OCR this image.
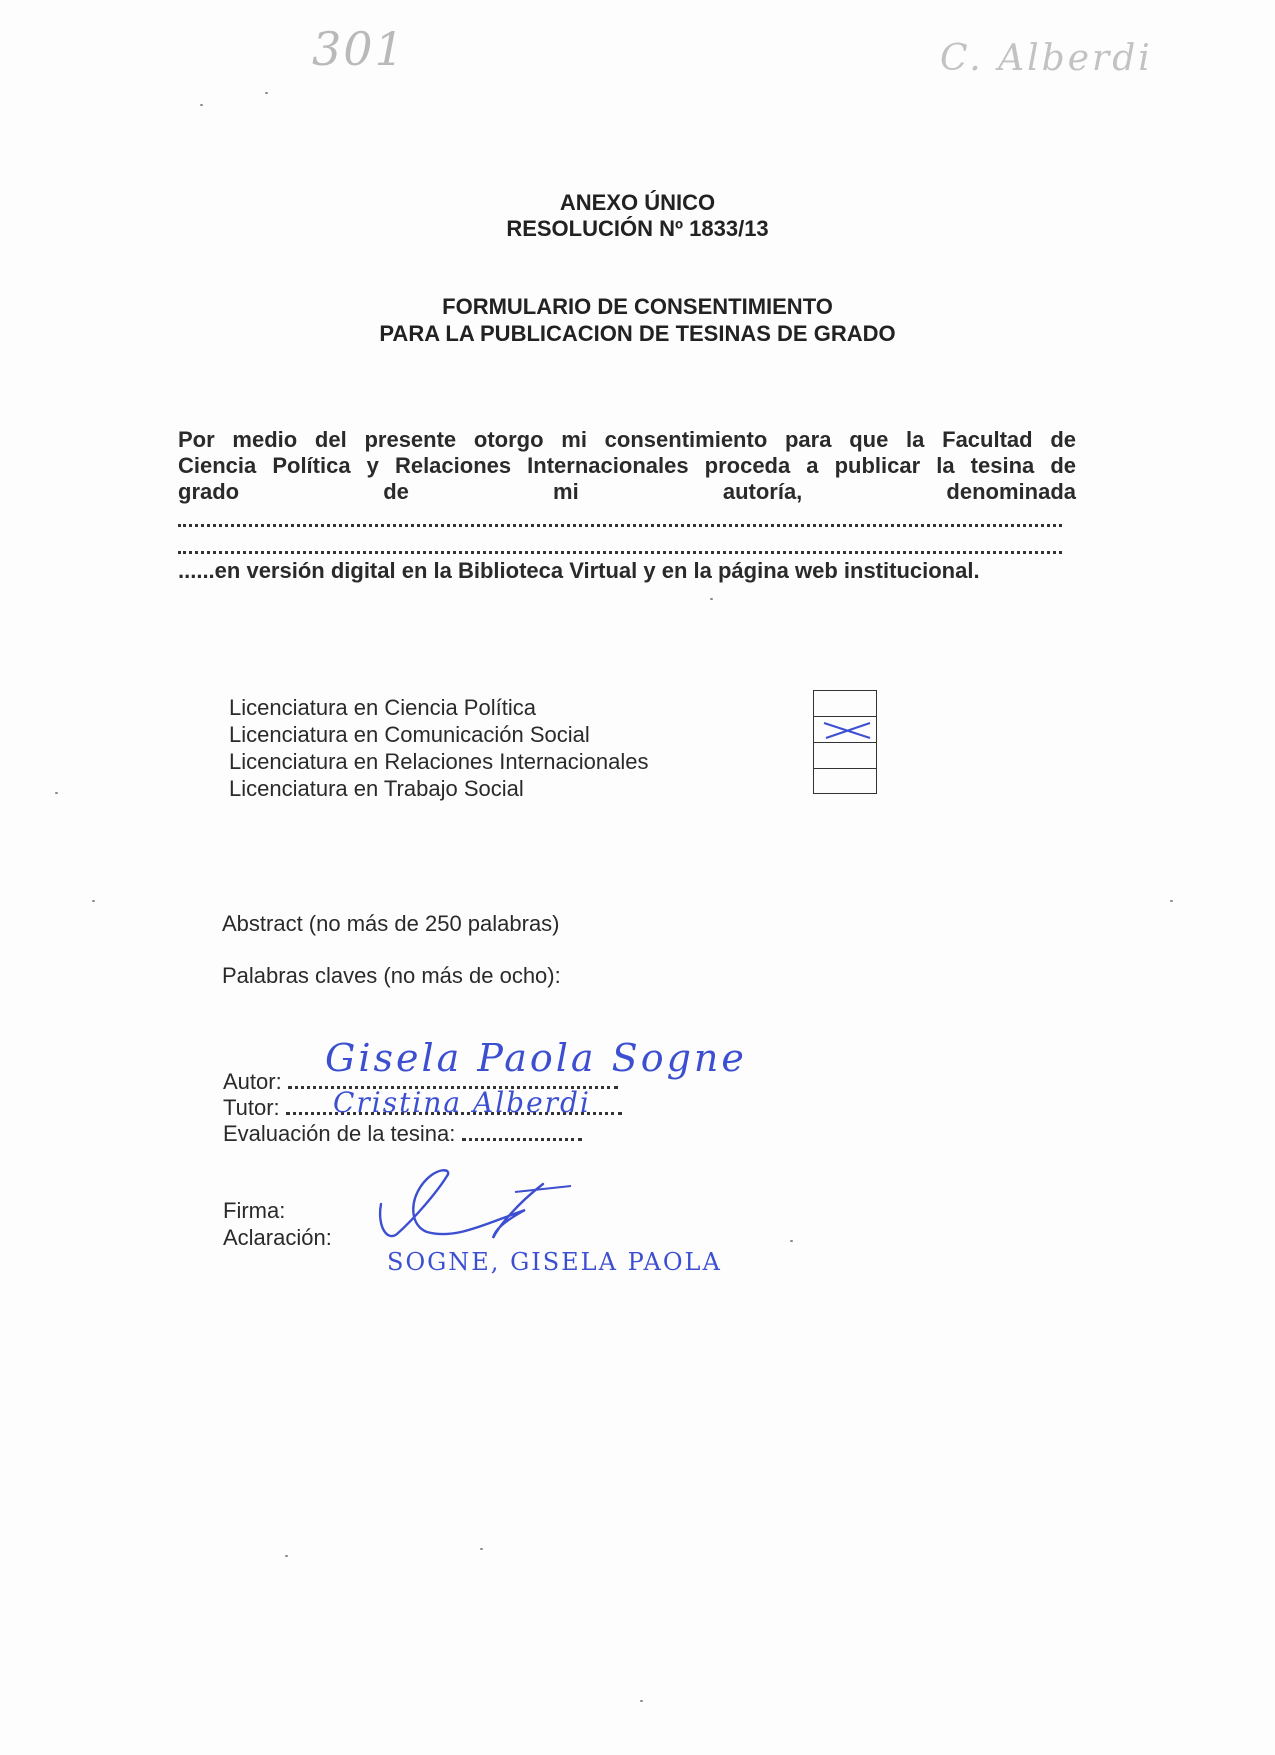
301	C. Alberdi
ANEXO ÚNICO
RESOLUCIÓN Nº 1833/13
FORMULARIO DE CONSENTIMIENTO
PARA LA PUBLICACION DE TESINAS DE GRADO
Por medio del presente otorgo mi consentimiento para que la Facultad de
Ciencia Política y Relaciones Internacionales proceda a publicar la tesina de
grado de mi autoría, denominada
......en versión digital en la Biblioteca Virtual y en la página web institucional.
Licenciatura en Ciencia Política
Licenciatura en Comunicación Social
Licenciatura en Relaciones Internacionales
Licenciatura en Trabajo Social
Abstract (no más de 250 palabras)
Palabras claves (no más de ocho):
Autor:
Tutor:
Evaluación de la tesina:
Gisela Paola Sogne
Cristina Alberdi
Firma:
Aclaración:
SOGNE, GISELA PAOLA
